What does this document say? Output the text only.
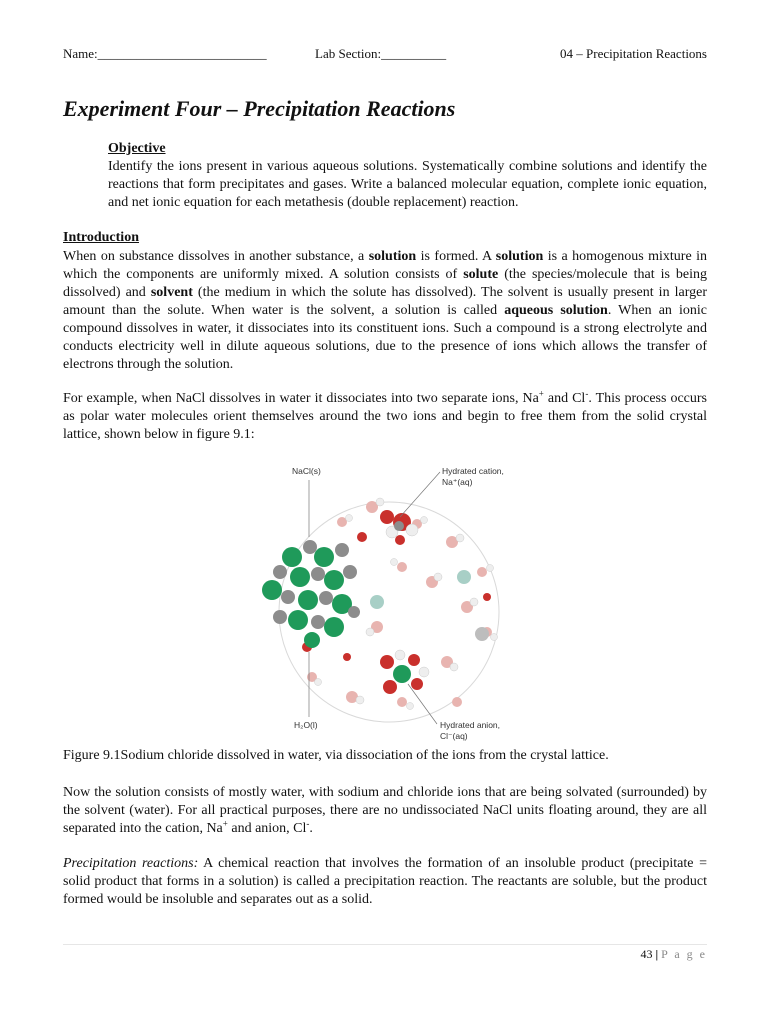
Name:__________________________	Lab Section:__________	04 – Precipitation Reactions
Experiment Four – Precipitation Reactions

Objective

Identify the ions present in various aqueous solutions. Systematically combine solutions and identify the reactions that form precipitates and gases. Write a balanced molecular equation, complete ionic equation, and net ionic equation for each metathesis (double replacement) reaction.

Introduction

When on substance dissolves in another substance, a solution is formed. A solution is a homogenous mixture in which the components are uniformly mixed. A solution consists of solute (the species/molecule that is being dissolved) and solvent (the medium in which the solute has dissolved). The solvent is usually present in larger amount than the solute. When water is the solvent, a solution is called aqueous solution. When an ionic compound dissolves in water, it dissociates into its constituent ions. Such a compound is a strong electrolyte and conducts electricity well in dilute aqueous solutions, due to the presence of ions which allows the transfer of electrons through the solution.

For example, when NaCl dissolves in water it dissociates into two separate ions, Na+ and Cl-. This process occurs as polar water molecules orient themselves around the two ions and begin to free them from the solid crystal lattice, shown below in figure 9.1:

NaCl(s)	Hydrated cation,
Na⁺(aq)
H₂O(l)	Hydrated anion,
Cl⁻(aq)

Figure 9.1Sodium chloride dissolved in water, via dissociation of the ions from the crystal lattice.

Now the solution consists of mostly water, with sodium and chloride ions that are being solvated (surrounded) by the solvent (water). For all practical purposes, there are no undissociated NaCl units floating around, they are all separated into the cation, Na+ and anion, Cl-.

Precipitation reactions: A chemical reaction that involves the formation of an insoluble product (precipitate = solid product that forms in a solution) is called a precipitation reaction. The reactants are soluble, but the product formed would be insoluble and separates out as a solid.

43 | P a g e
